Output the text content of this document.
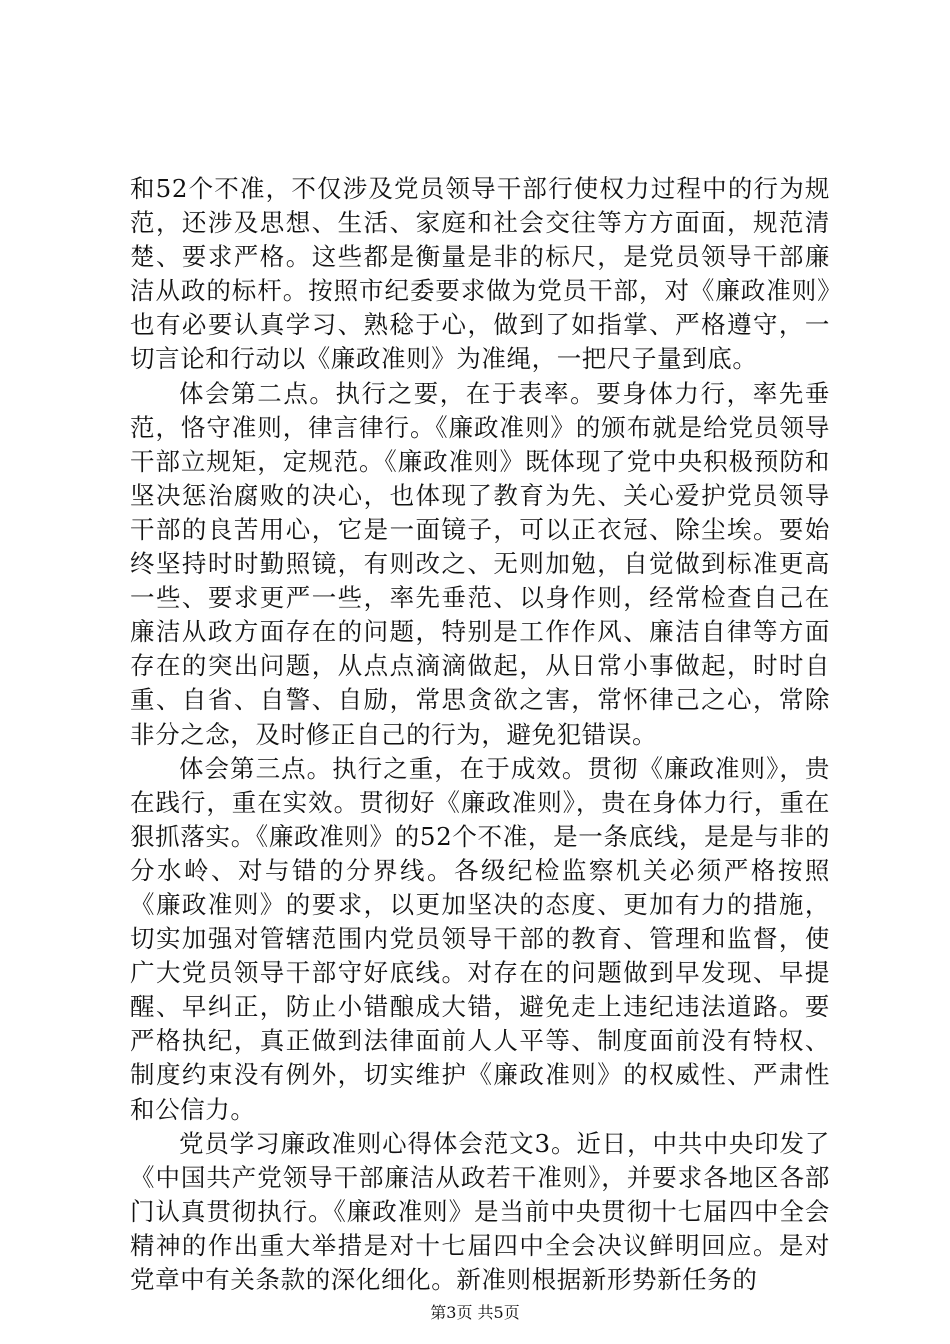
和52个不准，不仅涉及党员领导干部行使权力过程中的行为规范，还涉及思想、生活、家庭和社会交往等方方面面，规范清楚、要求严格。这些都是衡量是非的标尺，是党员领导干部廉洁从政的标杆。按照市纪委要求做为党员干部，对《廉政准则》也有必要认真学习、熟稔于心，做到了如指掌、严格遵守，一切言论和行动以《廉政准则》为准绳，一把尺子量到底。

体会第二点。执行之要，在于表率。要身体力行，率先垂范，恪守准则，律言律行。《廉政准则》的颁布就是给党员领导干部立规矩，定规范。《廉政准则》既体现了党中央积极预防和坚决惩治腐败的决心，也体现了教育为先、关心爱护党员领导干部的良苦用心，它是一面镜子，可以正衣冠、除尘埃。要始终坚持时时勤照镜，有则改之、无则加勉，自觉做到标准更高一些、要求更严一些，率先垂范、以身作则，经常检查自己在廉洁从政方面存在的问题，特别是工作作风、廉洁自律等方面存在的突出问题，从点点滴滴做起，从日常小事做起，时时自重、自省、自警、自励，常思贪欲之害，常怀律己之心，常除非分之念，及时修正自己的行为，避免犯错误。

体会第三点。执行之重，在于成效。贯彻《廉政准则》，贵在践行，重在实效。贯彻好《廉政准则》，贵在身体力行，重在狠抓落实。《廉政准则》的52个不准，是一条底线，是是与非的分水岭、对与错的分界线。各级纪检监察机关必须严格按照《廉政准则》的要求，以更加坚决的态度、更加有力的措施，切实加强对管辖范围内党员领导干部的教育、管理和监督，使广大党员领导干部守好底线。对存在的问题做到早发现、早提醒、早纠正，防止小错酿成大错，避免走上违纪违法道路。要严格执纪，真正做到法律面前人人平等、制度面前没有特权、制度约束没有例外，切实维护《廉政准则》的权威性、严肃性和公信力。

党员学习廉政准则心得体会范文3。近日，中共中央印发了《中国共产党领导干部廉洁从政若干准则》，并要求各地区各部门认真贯彻执行。《廉政准则》是当前中央贯彻十七届四中全会精神的作出重大举措是对十七届四中全会决议鲜明回应。是对党章中有关条款的深化细化。新准则根据新形势新任务的

第3页 共5页
